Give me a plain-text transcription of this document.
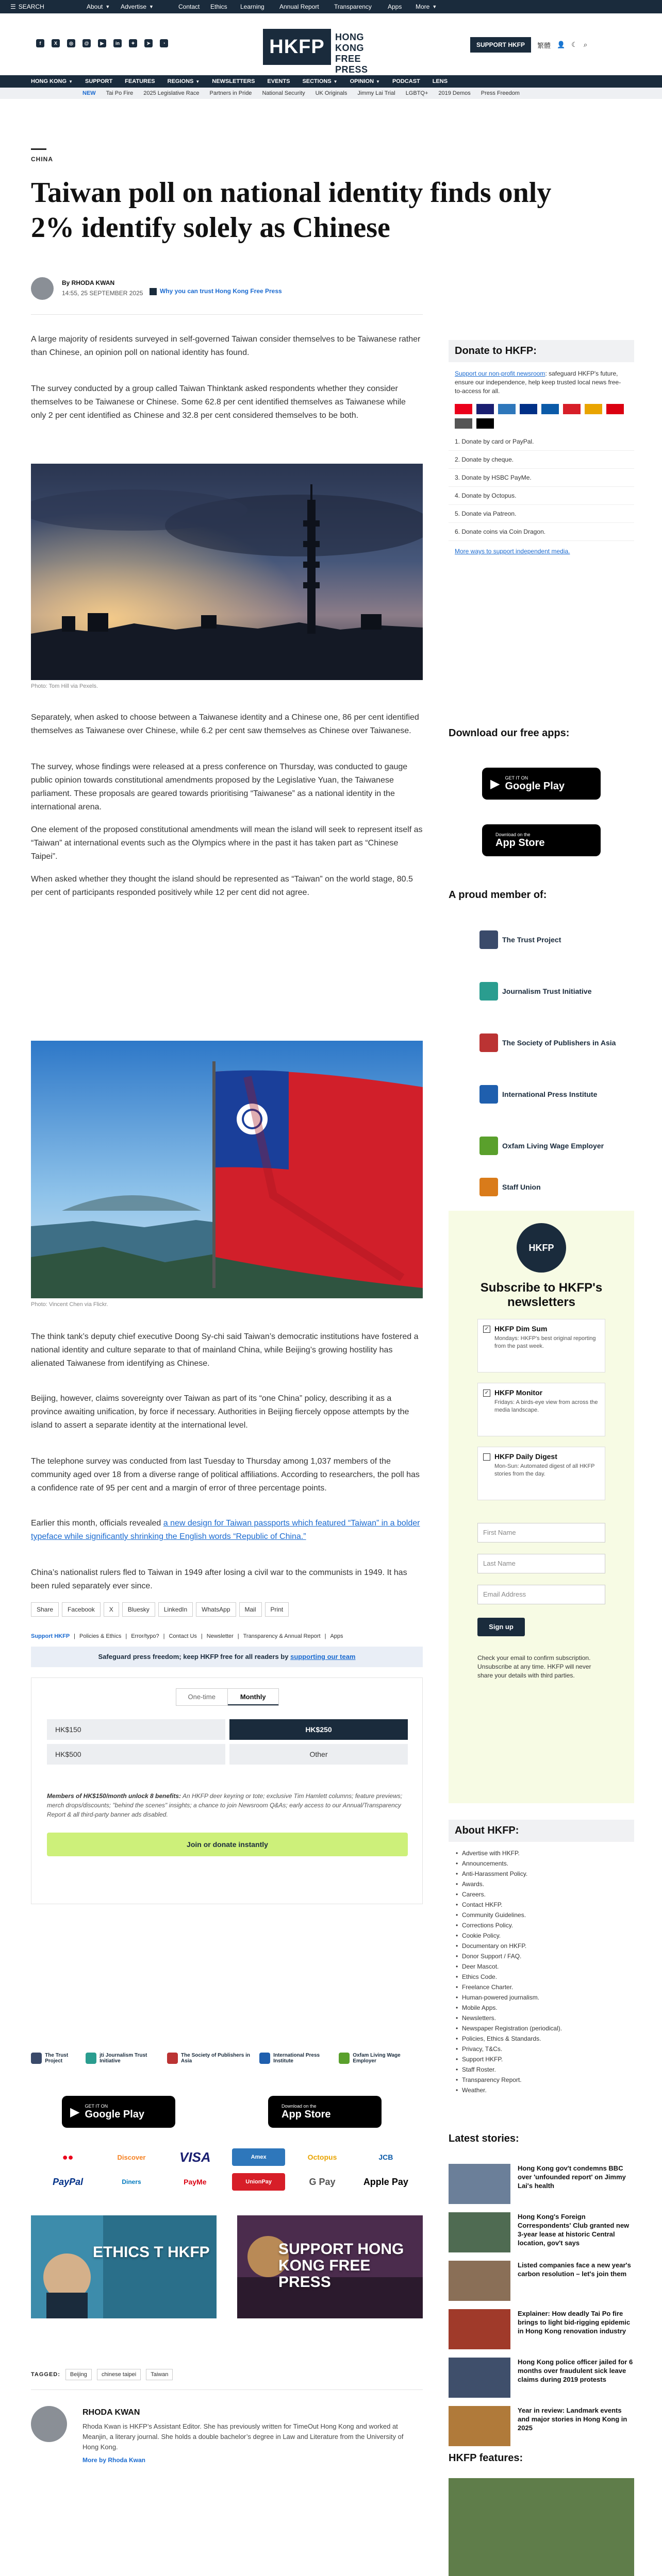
☰ SEARCH	About ▼ Advertise ▼	Contact Ethics Learning Annual Report Transparency	Apps More ▼
f	X	◎	@	▶	in	✦	➤	◔	HKFP	HONG KONG
FREE PRESS
SUPPORT HKFP	繁體 👤 ☾ ⌕
HONG KONG ▼ SUPPORT FEATURES REGIONS ▼ NEWSLETTERS EVENTS SECTIONS ▼ OPINION ▼ PODCAST LENS
NEW Tai Po Fire 2025 Legislative Race Partners in Pride National Security UK Originals Jimmy Lai Trial LGBTQ+ 2019 Demos Press Freedom
CHINA
Taiwan poll on national identity finds only 2% identify solely as Chinese
By RHODA KWAN
14:55, 25 SEPTEMBER 2025	Why you can trust Hong Kong Free Press

A large majority of residents surveyed in self-governed Taiwan consider themselves to be Taiwanese rather than Chinese, an opinion poll on national identity has found.

The survey conducted by a group called Taiwan Thinktank asked respondents whether they consider themselves to be Taiwanese or Chinese. Some 62.8 per cent identified themselves as Taiwanese while only 2 per cent identified as Chinese and 32.8 per cent considered themselves to be both.

Photo: Tom Hill via Pexels.

Separately, when asked to choose between a Taiwanese identity and a Chinese one, 86 per cent identified themselves as Taiwanese over Chinese, while 6.2 per cent saw themselves as Chinese over Taiwanese.

The survey, whose findings were released at a press conference on Thursday, was conducted to gauge public opinion towards constitutional amendments proposed by the Legislative Yuan, the Taiwanese parliament. These proposals are geared towards prioritising “Taiwanese” as a national identity in the international arena.

One element of the proposed constitutional amendments will mean the island will seek to represent itself as “Taiwan” at international events such as the Olympics where in the past it has taken part as “Chinese Taipei”.

When asked whether they thought the island should be represented as “Taiwan” on the world stage, 80.5 per cent of participants responded positively while 12 per cent did not agree.

Photo: Vincent Chen via Flickr.

The think tank’s deputy chief executive Doong Sy-chi said Taiwan’s democratic institutions have fostered a national identity and culture separate to that of mainland China, while Beijing’s growing hostility has alienated Taiwanese from identifying as Chinese.

Beijing, however, claims sovereignty over Taiwan as part of its “one China” policy, describing it as a province awaiting unification, by force if necessary. Authorities in Beijing fiercely oppose attempts by the island to assert a separate identity at the international level.

The telephone survey was conducted from last Tuesday to Thursday among 1,037 members of the community aged over 18 from a diverse range of political affiliations. According to researchers, the poll has a confidence rate of 95 per cent and a margin of error of three percentage points.

Earlier this month, officials revealed a new design for Taiwan passports which featured “Taiwan” in a bolder typeface while significantly shrinking the English words “Republic of China.”

China’s nationalist rulers fled to Taiwan in 1949 after losing a civil war to the communists in 1949. It has been ruled separately ever since.

Share	Facebook	X	Bluesky	LinkedIn	WhatsApp	Mail	Print
Support HKFP | Policies & Ethics | Error/typo? | Contact Us | Newsletter | Transparency & Annual Report | Apps
Safeguard press freedom; keep HKFP free for all readers by supporting our team
One-time	Monthly
HK$150	HK$250
HK$500	Other
Members of HK$150/month unlock 8 benefits: An HKFP deer keyring or tote; exclusive Tim Hamlett columns; feature previews; merch drops/discounts; "behind the scenes" insights; a chance to join Newsroom Q&As; early access to our Annual/Transparency Report & all third-party banner ads disabled.
Join or donate instantly
The Trust Project
jti Journalism Trust Initiative
The Society of Publishers in Asia
International Press Institute
Oxfam Living Wage Employer
▶ GET IT ON
Google Play
Download on the
App Store
●●	Discover	VISA	Amex	Octopus	JCB
PayPal	Diners	PayMe	UnionPay	G Pay	Apple Pay
ETHICS T HKFP	SUPPORT HONG KONG FREE PRESS
TAGGED:	Beijing	chinese taipei	Taiwan
RHODA KWAN
Rhoda Kwan is HKFP’s Assistant Editor. She has previously written for TimeOut Hong Kong and worked at Meanjin, a literary journal. She holds a double bachelor’s degree in Law and Literature from the University of Hong Kong.
More by Rhoda Kwan
Donate to HKFP:

Support our non-profit newsroom: safeguard HKFP's future, ensure our independence, help keep trusted local news free-to-access for all.

1. Donate by card or PayPal.
2. Donate by cheque.
3. Donate by HSBC PayMe.
4. Donate by Octopus.
5. Donate via Patreon.
6. Donate coins via Coin Dragon.

More ways to support independent media.

Download our free apps:
▶ GET IT ON
Google Play
Download on the
App Store
A proud member of:
The Trust Project
Journalism Trust Initiative
The Society of Publishers in Asia
International Press Institute
Oxfam Living Wage Employer
Staff Union
HKFP
Subscribe to HKFP's newsletters
✓ HKFP Dim Sum
Mondays: HKFP's best original reporting from the past week.
✓ HKFP Monitor
Fridays: A birds-eye view from across the media landscape.
HKFP Daily Digest
Mon-Sun: Automated digest of all HKFP stories from the day.
First Name
Last Name
Email Address
Sign up
Check your email to confirm subscription. Unsubscribe at any time. HKFP will never share your details with third parties.
About HKFP:
• Advertise with HKFP.
• Announcements.
• Anti-Harassment Policy.
• Awards.
• Careers.
• Contact HKFP.
• Community Guidelines.
• Corrections Policy.
• Cookie Policy.
• Documentary on HKFP.
• Donor Support / FAQ.
• Deer Mascot.
• Ethics Code.
• Freelance Charter.
• Human-powered journalism.
• Mobile Apps.
• Newsletters.
• Newspaper Registration (periodical).
• Policies, Ethics & Standards.
• Privacy, T&Cs.
• Support HKFP.
• Staff Roster.
• Transparency Report.
• Weather.
Latest stories:
Hong Kong gov't condemns BBC over 'unfounded report' on Jimmy Lai's health
Hong Kong's Foreign Correspondents' Club granted new 3-year lease at historic Central location, gov't says
Listed companies face a new year's carbon resolution – let's join them
Explainer: How deadly Tai Po fire brings to light bid-rigging epidemic in Hong Kong renovation industry
Hong Kong police officer jailed for 6 months over fraudulent sick leave claims during 2019 protests
Year in review: Landmark events and major stories in Hong Kong in 2025
HKFP features:
